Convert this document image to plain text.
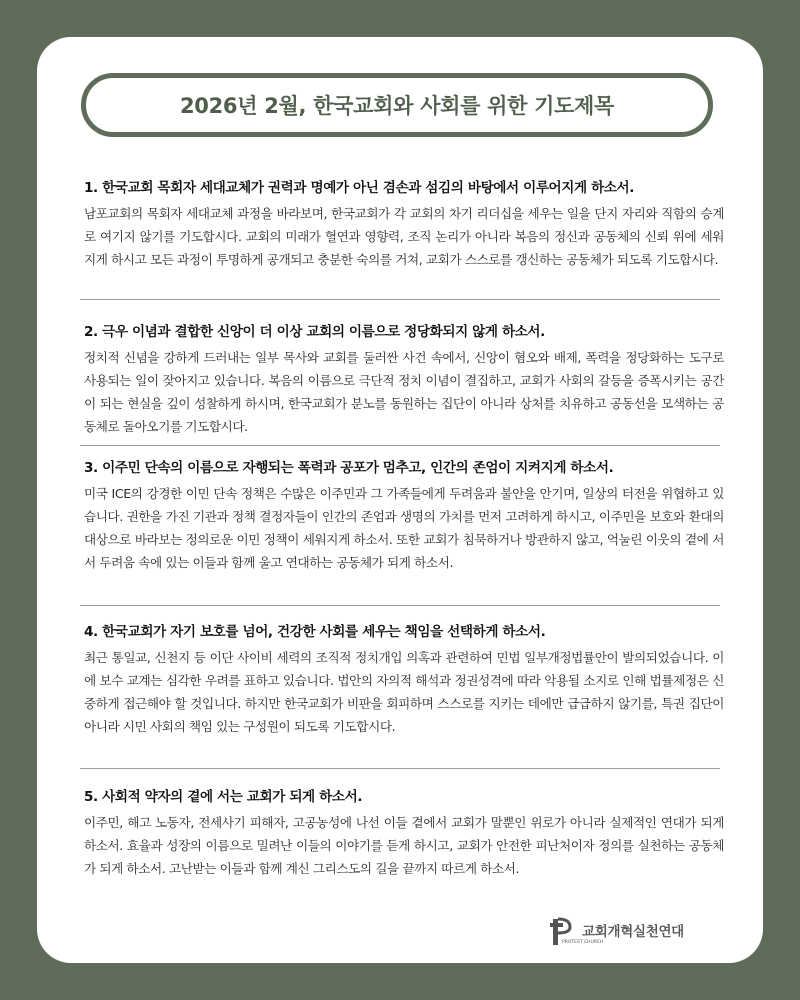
2026년 2월, 한국교회와 사회를 위한 기도제목
1. 한국교회 목회자 세대교체가 권력과 명예가 아닌 겸손과 섬김의 바탕에서 이루어지게 하소서.

남포교회의 목회자 세대교체 과정을 바라보며, 한국교회가 각 교회의 차기 리더십을 세우는 일을 단지 자리와 직함의 승계로 여기지 않기를 기도합시다. 교회의 미래가 혈연과 영향력, 조직 논리가 아니라 복음의 정신과 공동체의 신뢰 위에 세워지게 하시고 모든 과정이 투명하게 공개되고 충분한 숙의를 거쳐, 교회가 스스로를 갱신하는 공동체가 되도록 기도합시다.

2. 극우 이념과 결합한 신앙이 더 이상 교회의 이름으로 정당화되지 않게 하소서.

정치적 신념을 강하게 드러내는 일부 목사와 교회를 둘러싼 사건 속에서, 신앙이 혐오와 배제, 폭력을 정당화하는 도구로 사용되는 일이 잦아지고 있습니다. 복음의 이름으로 극단적 정치 이념이 결집하고, 교회가 사회의 갈등을 증폭시키는 공간이 되는 현실을 깊이 성찰하게 하시며, 한국교회가 분노를 동원하는 집단이 아니라 상처를 치유하고 공동선을 모색하는 공동체로 돌아오기를 기도합시다.

3. 이주민 단속의 이름으로 자행되는 폭력과 공포가 멈추고, 인간의 존엄이 지켜지게 하소서.

미국 ICE의 강경한 이민 단속 정책은 수많은 이주민과 그 가족들에게 두려움과 불안을 안기며, 일상의 터전을 위협하고 있습니다. 권한을 가진 기관과 정책 결정자들이 인간의 존엄과 생명의 가치를 먼저 고려하게 하시고, 이주민을 보호와 환대의 대상으로 바라보는 정의로운 이민 정책이 세워지게 하소서. 또한 교회가 침묵하거나 방관하지 않고, 억눌린 이웃의 곁에 서서 두려움 속에 있는 이들과 함께 울고 연대하는 공동체가 되게 하소서.

4. 한국교회가 자기 보호를 넘어, 건강한 사회를 세우는 책임을 선택하게 하소서.

최근 통일교, 신천지 등 이단 사이비 세력의 조직적 정치개입 의혹과 관련하여 민법 일부개정법률안이 발의되었습니다. 이에 보수 교계는 심각한 우려를 표하고 있습니다. 법안의 자의적 해석과 정권성격에 따라 악용될 소지로 인해 법률제정은 신중하게 접근해야 할 것입니다. 하지만 한국교회가 비판을 회피하며 스스로를 지키는 데에만 급급하지 않기를, 특권 집단이 아니라 시민 사회의 책임 있는 구성원이 되도록 기도합시다.

5. 사회적 약자의 곁에 서는 교회가 되게 하소서.

이주민, 해고 노동자, 전세사기 피해자, 고공농성에 나선 이들 곁에서 교회가 말뿐인 위로가 아니라 실제적인 연대가 되게 하소서. 효율과 성장의 이름으로 밀려난 이들의 이야기를 듣게 하시고, 교회가 안전한 피난처이자 정의를 실천하는 공동체가 되게 하소서. 고난받는 이들과 함께 계신 그리스도의 길을 끝까지 따르게 하소서.

PROTEST CHURCH
교회개혁실천연대
